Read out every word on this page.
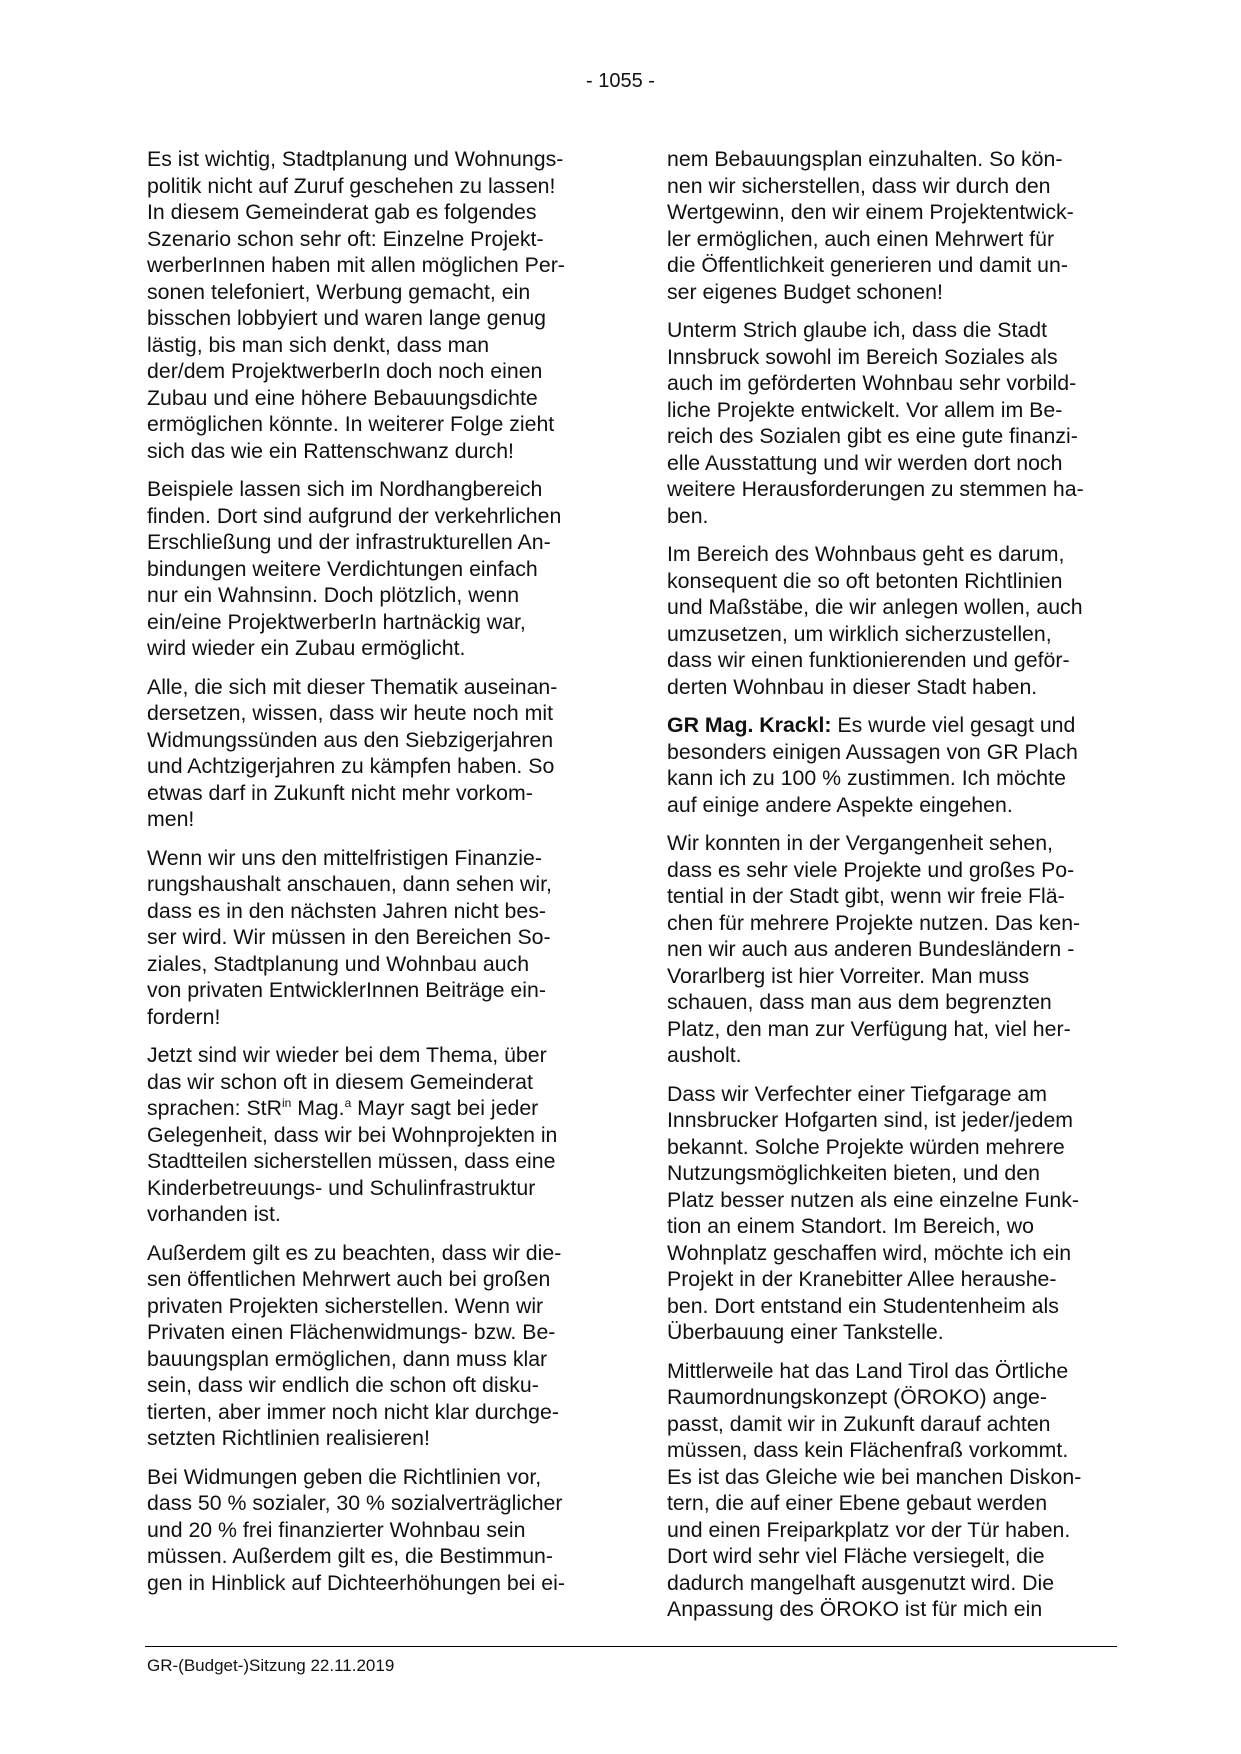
- 1055 -

Es ist wichtig, Stadtplanung und Wohnungs-
politik nicht auf Zuruf geschehen zu lassen!
In diesem Gemeinderat gab es folgendes
Szenario schon sehr oft: Einzelne Projekt-
werberInnen haben mit allen möglichen Per-
sonen telefoniert, Werbung gemacht, ein
bisschen lobbyiert und waren lange genug
lästig, bis man sich denkt, dass man
der/dem ProjektwerberIn doch noch einen
Zubau und eine höhere Bebauungsdichte
ermöglichen könnte. In weiterer Folge zieht
sich das wie ein Rattenschwanz durch!

Beispiele lassen sich im Nordhangbereich
finden. Dort sind aufgrund der verkehrlichen
Erschließung und der infrastrukturellen An-
bindungen weitere Verdichtungen einfach
nur ein Wahnsinn. Doch plötzlich, wenn
ein/eine ProjektwerberIn hartnäckig war,
wird wieder ein Zubau ermöglicht.

Alle, die sich mit dieser Thematik auseinan-
dersetzen, wissen, dass wir heute noch mit
Widmungssünden aus den Siebzigerjahren
und Achtzigerjahren zu kämpfen haben. So
etwas darf in Zukunft nicht mehr vorkom-
men!

Wenn wir uns den mittelfristigen Finanzie-
rungshaushalt anschauen, dann sehen wir,
dass es in den nächsten Jahren nicht bes-
ser wird. Wir müssen in den Bereichen So-
ziales, Stadtplanung und Wohnbau auch
von privaten EntwicklerInnen Beiträge ein-
fordern!

Jetzt sind wir wieder bei dem Thema, über
das wir schon oft in diesem Gemeinderat
sprachen: StR$^{in}$ Mag.$^a$ Mayr sagt bei jeder
Gelegenheit, dass wir bei Wohnprojekten in
Stadtteilen sicherstellen müssen, dass eine
Kinderbetreuungs- und Schulinfrastruktur
vorhanden ist.

Außerdem gilt es zu beachten, dass wir die-
sen öffentlichen Mehrwert auch bei großen
privaten Projekten sicherstellen. Wenn wir
Privaten einen Flächenwidmungs- bzw. Be-
bauungsplan ermöglichen, dann muss klar
sein, dass wir endlich die schon oft disku-
tierten, aber immer noch nicht klar durchge-
setzten Richtlinien realisieren!

Bei Widmungen geben die Richtlinien vor,
dass 50 % sozialer, 30 % sozialverträglicher
und 20 % frei finanzierter Wohnbau sein
müssen. Außerdem gilt es, die Bestimmun-
gen in Hinblick auf Dichteerhöhungen bei ei-

nem Bebauungsplan einzuhalten. So kön-
nen wir sicherstellen, dass wir durch den
Wertgewinn, den wir einem Projektentwick-
ler ermöglichen, auch einen Mehrwert für
die Öffentlichkeit generieren und damit un-
ser eigenes Budget schonen!

Unterm Strich glaube ich, dass die Stadt
Innsbruck sowohl im Bereich Soziales als
auch im geförderten Wohnbau sehr vorbild-
liche Projekte entwickelt. Vor allem im Be-
reich des Sozialen gibt es eine gute finanzi-
elle Ausstattung und wir werden dort noch
weitere Herausforderungen zu stemmen ha-
ben.

Im Bereich des Wohnbaus geht es darum,
konsequent die so oft betonten Richtlinien
und Maßstäbe, die wir anlegen wollen, auch
umzusetzen, um wirklich sicherzustellen,
dass wir einen funktionierenden und geför-
derten Wohnbau in dieser Stadt haben.

GR Mag. Krackl: Es wurde viel gesagt und
besonders einigen Aussagen von GR Plach
kann ich zu 100 % zustimmen. Ich möchte
auf einige andere Aspekte eingehen.

Wir konnten in der Vergangenheit sehen,
dass es sehr viele Projekte und großes Po-
tential in der Stadt gibt, wenn wir freie Flä-
chen für mehrere Projekte nutzen. Das ken-
nen wir auch aus anderen Bundesländern -
Vorarlberg ist hier Vorreiter. Man muss
schauen, dass man aus dem begrenzten
Platz, den man zur Verfügung hat, viel her-
ausholt.

Dass wir Verfechter einer Tiefgarage am
Innsbrucker Hofgarten sind, ist jeder/jedem
bekannt. Solche Projekte würden mehrere
Nutzungsmöglichkeiten bieten, und den
Platz besser nutzen als eine einzelne Funk-
tion an einem Standort. Im Bereich, wo
Wohnplatz geschaffen wird, möchte ich ein
Projekt in der Kranebitter Allee heraushe-
ben. Dort entstand ein Studentenheim als
Überbauung einer Tankstelle.

Mittlerweile hat das Land Tirol das Örtliche
Raumordnungskonzept (ÖROKO) ange-
passt, damit wir in Zukunft darauf achten
müssen, dass kein Flächenfraß vorkommt.
Es ist das Gleiche wie bei manchen Diskon-
tern, die auf einer Ebene gebaut werden
und einen Freiparkplatz vor der Tür haben.
Dort wird sehr viel Fläche versiegelt, die
dadurch mangelhaft ausgenutzt wird. Die
Anpassung des ÖROKO ist für mich ein

GR-(Budget-)Sitzung 22.11.2019
